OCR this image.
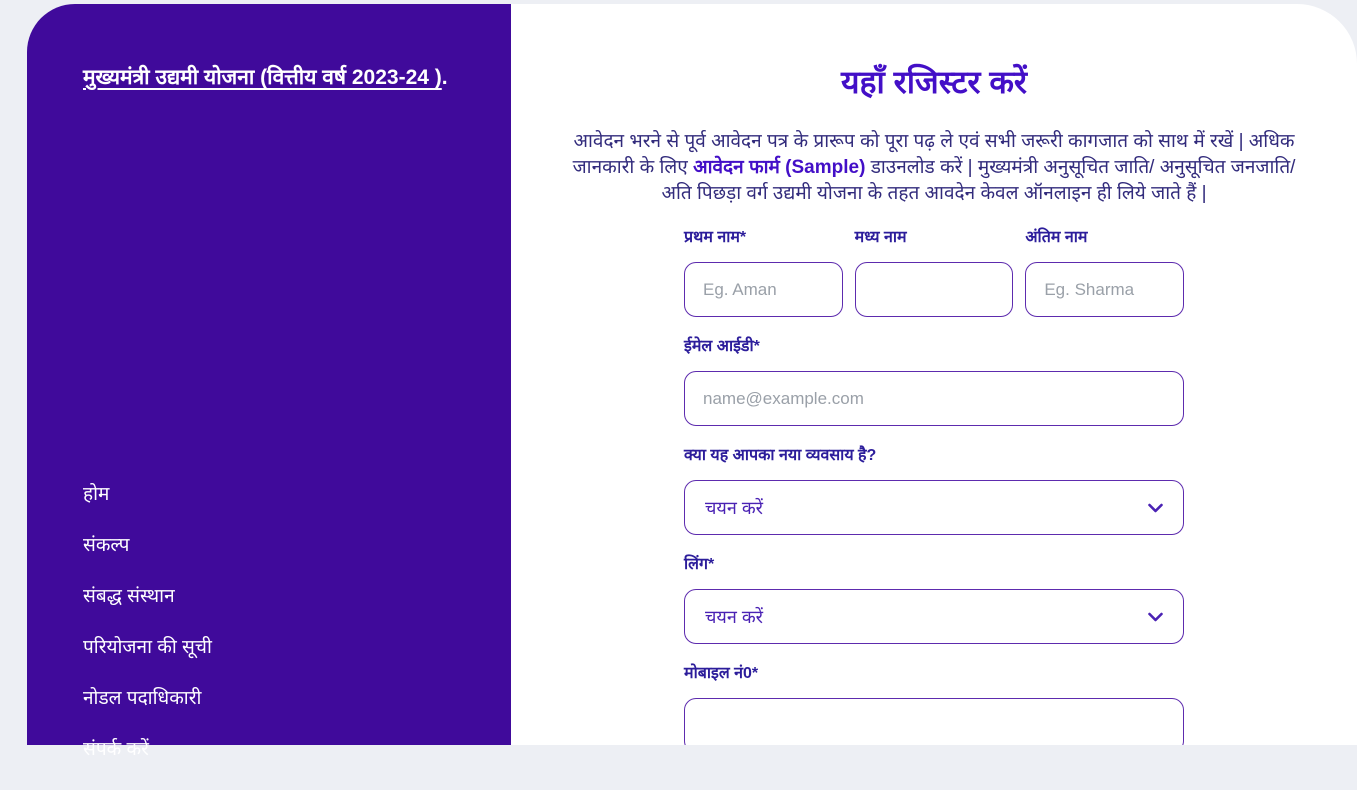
मुख्यमंत्री उद्यमी योजना (वित्तीय वर्ष 2023-24 ).
होम
संकल्प
संबद्ध संस्थान
परियोजना की सूची
नोडल पदाधिकारी
संपर्क करें
यहाँ रजिस्टर करें

आवेदन भरने से पूर्व आवेदन पत्र के प्रारूप को पूरा पढ़ ले एवं सभी जरूरी कागजात को साथ में रखें | अधिक जानकारी के लिए आवेदन फार्म (Sample) डाउनलोड करें | मुख्यमंत्री अनुसूचित जाति/ अनुसूचित जनजाति/अति पिछड़ा वर्ग उद्यमी योजना के तहत आवदेन केवल ऑनलाइन ही लिये जाते हैं |

प्रथम नाम*
Eg. Aman	मध्य नाम	अंतिम नाम
Eg. Sharma
ईमेल आईडी*
name@example.com
क्या यह आपका नया व्यवसाय है?
चयन करें
लिंग*
चयन करें
मोबाइल नं0*
